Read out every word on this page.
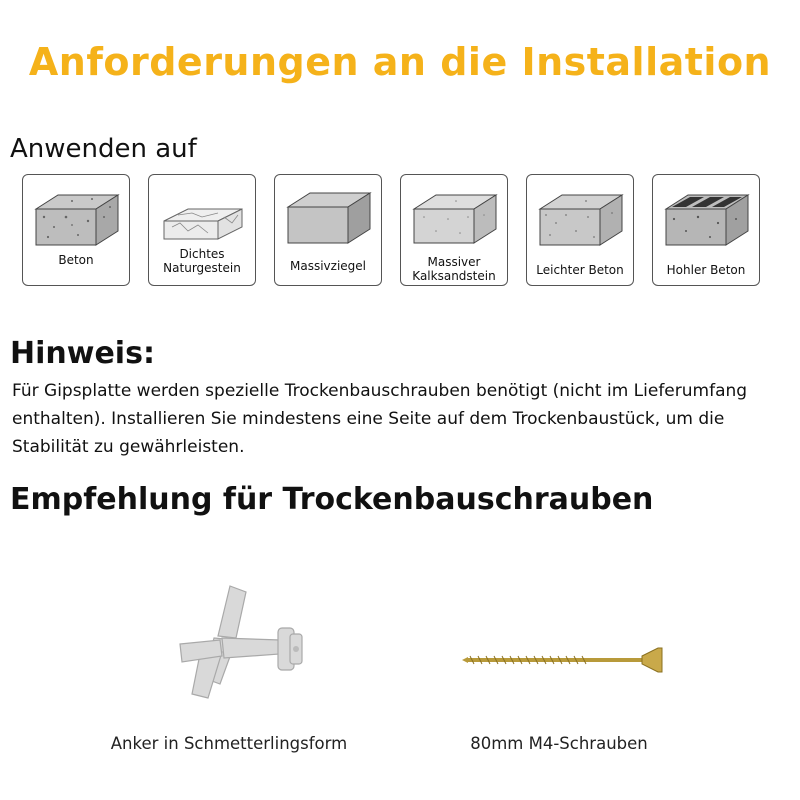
Anforderungen an die Installation
Anwenden auf
Beton	Dichtes
Naturgestein	Massivziegel	Massiver
Kalksandstein	Leichter Beton	Hohler Beton
Hinweis:
Für Gipsplatte werden spezielle Trockenbauschrauben benötigt (nicht im Lieferumfang enthalten). Installieren Sie mindestens eine Seite auf dem Trockenbaustück, um die Stabilität zu gewährleisten.
Empfehlung für Trockenbauschrauben
Anker in Schmetterlingsform	80mm M4-Schrauben
